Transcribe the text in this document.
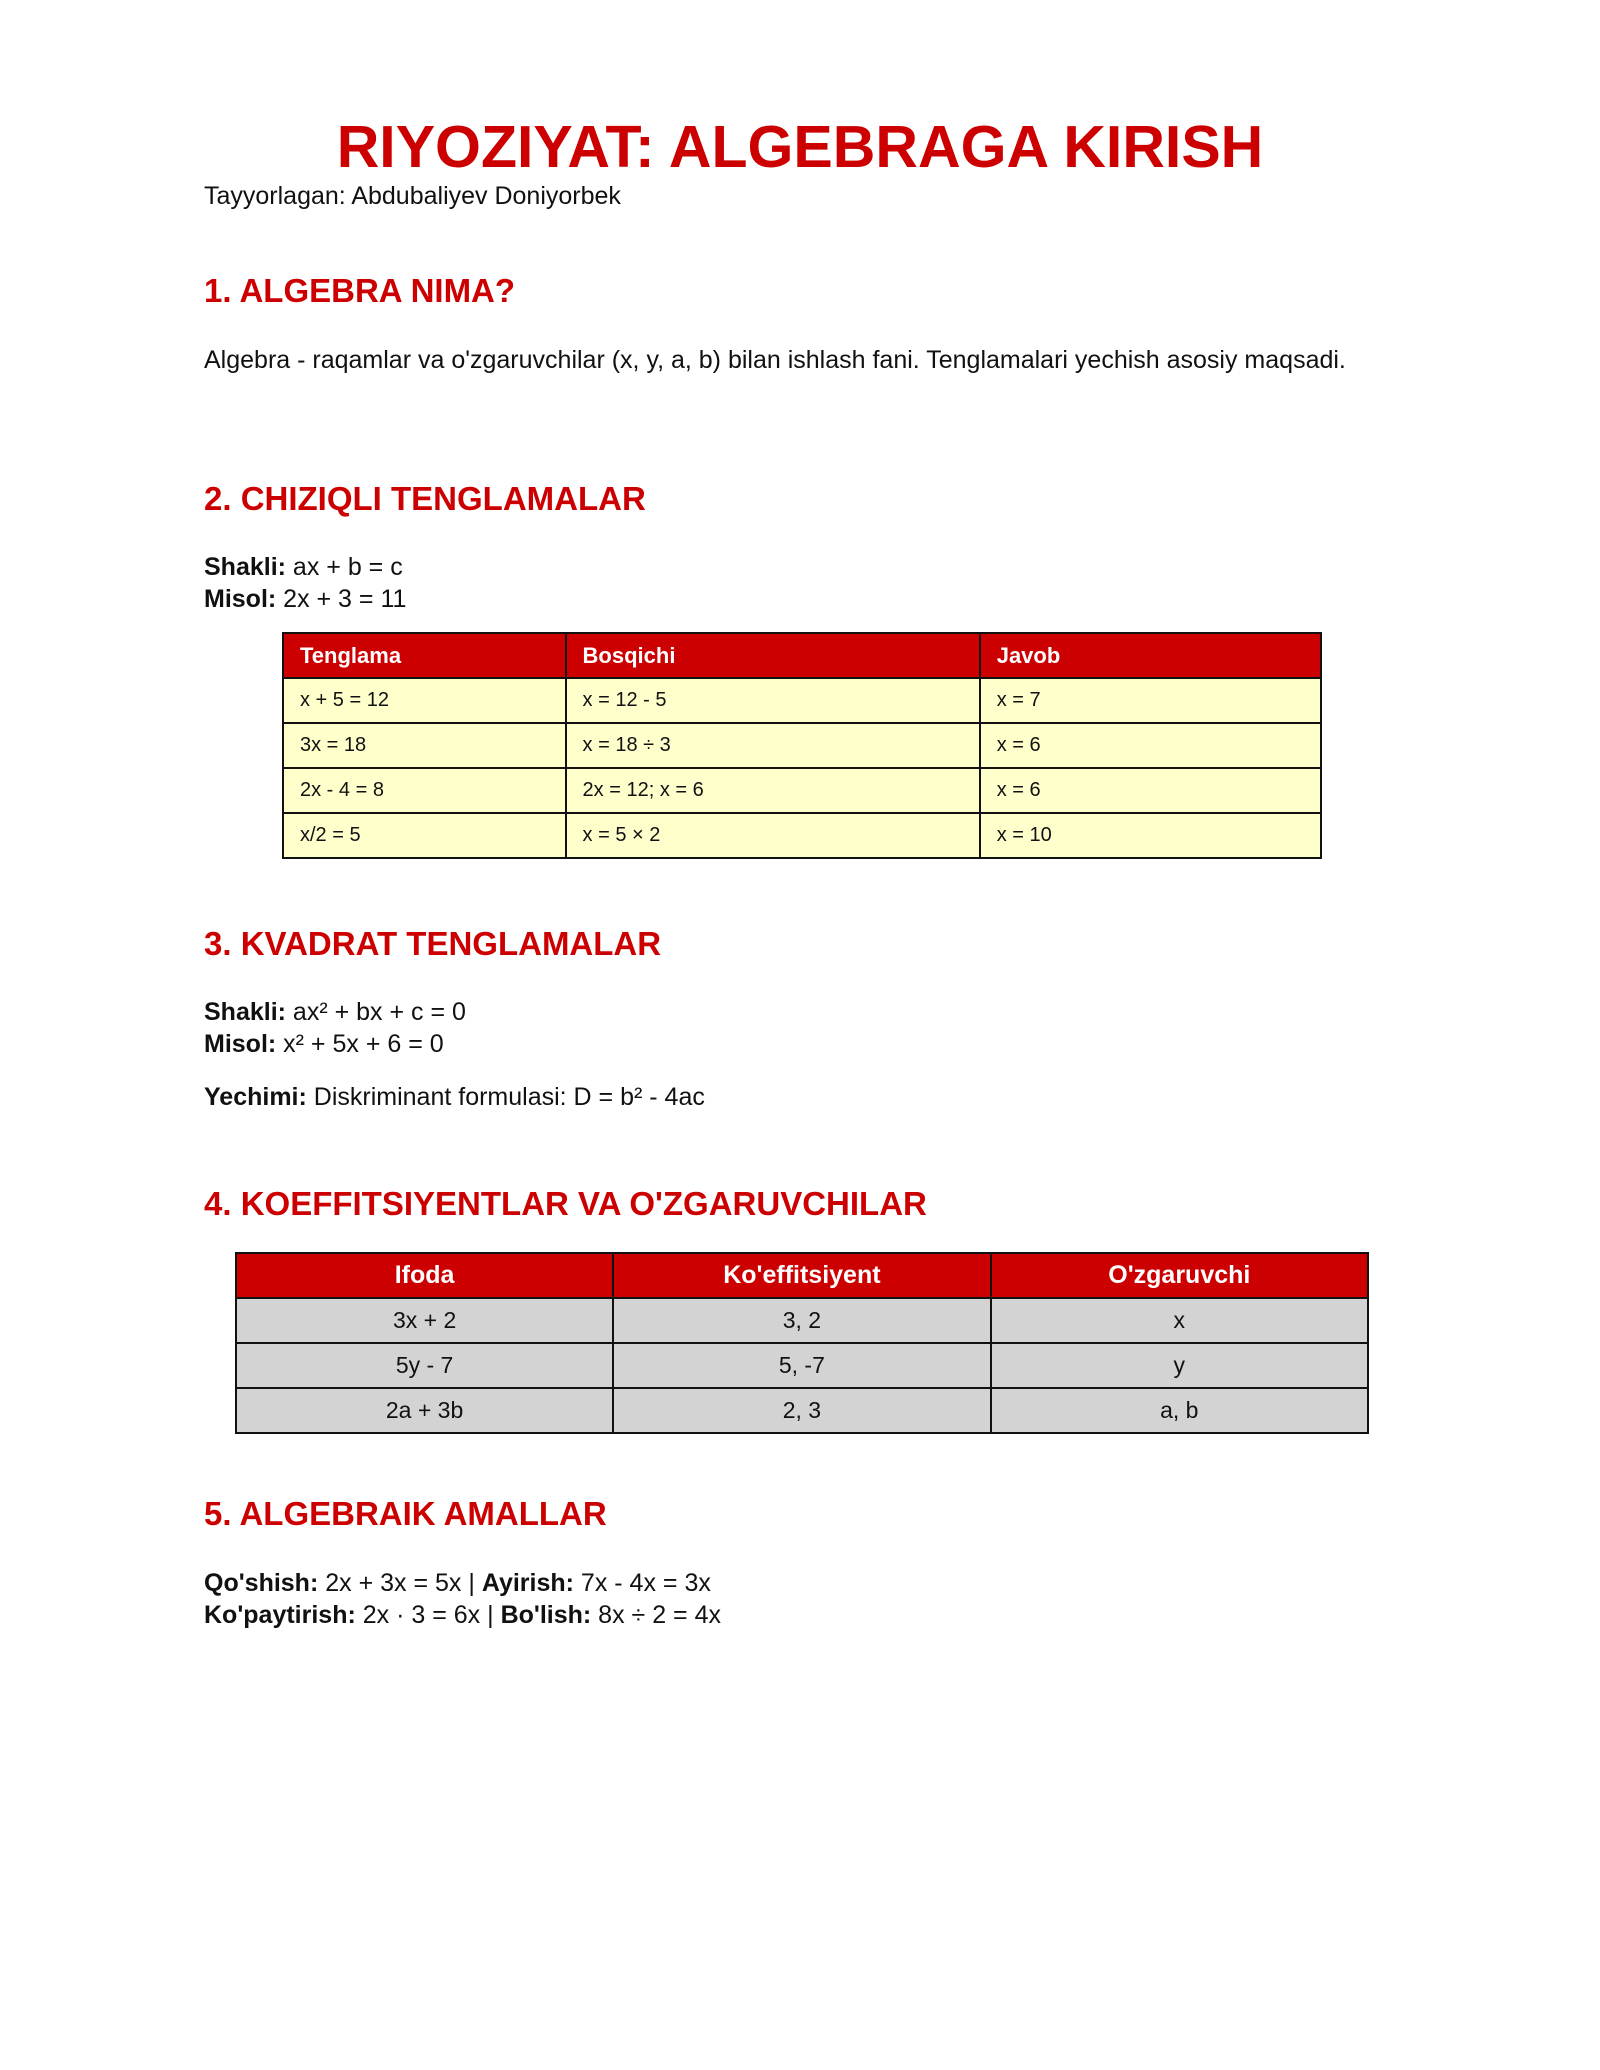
RIYOZIYAT: ALGEBRAGA KIRISH
Tayyorlagan: Abdubaliyev Doniyorbek
1. ALGEBRA NIMA?

Algebra - raqamlar va o'zgaruvchilar (x, y, a, b) bilan ishlash fani. Tenglamalari yechish asosiy maqsadi.

2. CHIZIQLI TENGLAMALAR
Shakli: ax + b = c
Misol: 2x + 3 = 11
Tenglama	Bosqichi	Javob
x + 5 = 12	x = 12 - 5	x = 7
3x = 18	x = 18 ÷ 3	x = 6
2x - 4 = 8	2x = 12; x = 6	x = 6
x/2 = 5	x = 5 × 2	x = 10
3. KVADRAT TENGLAMALAR
Shakli: ax² + bx + c = 0
Misol: x² + 5x + 6 = 0
Yechimi: Diskriminant formulasi: D = b² - 4ac
4. KOEFFITSIYENTLAR VA O'ZGARUVCHILAR
Ifoda	Ko'effitsiyent	O'zgaruvchi
3x + 2	3, 2	x
5y - 7	5, -7	y
2a + 3b	2, 3	a, b
5. ALGEBRAIK AMALLAR
Qo'shish: 2x + 3x = 5x | Ayirish: 7x - 4x = 3x
Ko'paytirish: 2x · 3 = 6x | Bo'lish: 8x ÷ 2 = 4x
